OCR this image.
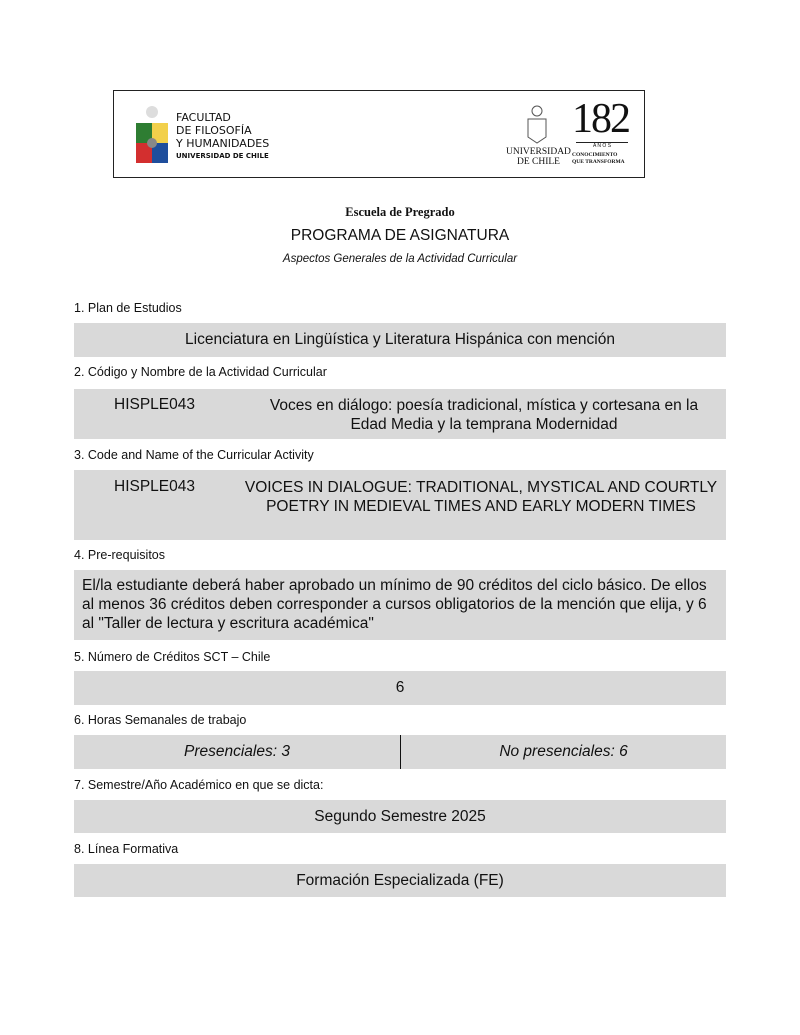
FACULTAD
DE FILOSOFÍA
Y HUMANIDADES
UNIVERSIDAD DE CHILE	UNIVERSIDAD
DE CHILE
182
A Ñ O S
CONOCIMIENTO
QUE TRANSFORMA
Escuela de Pregrado
PROGRAMA DE ASIGNATURA
Aspectos Generales de la Actividad Curricular
1. Plan de Estudios
Licenciatura en Lingüística y Literatura Hispánica con mención
2. Código y Nombre de la Actividad Curricular
HISPLE043	Voces en diálogo: poesía tradicional, mística y cortesana en la Edad Media y la temprana Modernidad
3. Code and Name of the Curricular Activity
HISPLE043	VOICES IN DIALOGUE: TRADITIONAL, MYSTICAL AND COURTLY POETRY IN MEDIEVAL TIMES AND EARLY MODERN TIMES
4. Pre-requisitos
El/la estudiante deberá haber aprobado un mínimo de 90 créditos del ciclo básico. De ellos al menos 36 créditos deben corresponder a cursos obligatorios de la mención que elija, y 6 al "Taller de lectura y escritura académica"
5. Número de Créditos SCT – Chile
6
6. Horas Semanales de trabajo
Presenciales: 3	No presenciales: 6
7. Semestre/Año Académico en que se dicta:
Segundo Semestre 2025
8. Línea Formativa
Formación Especializada (FE)
